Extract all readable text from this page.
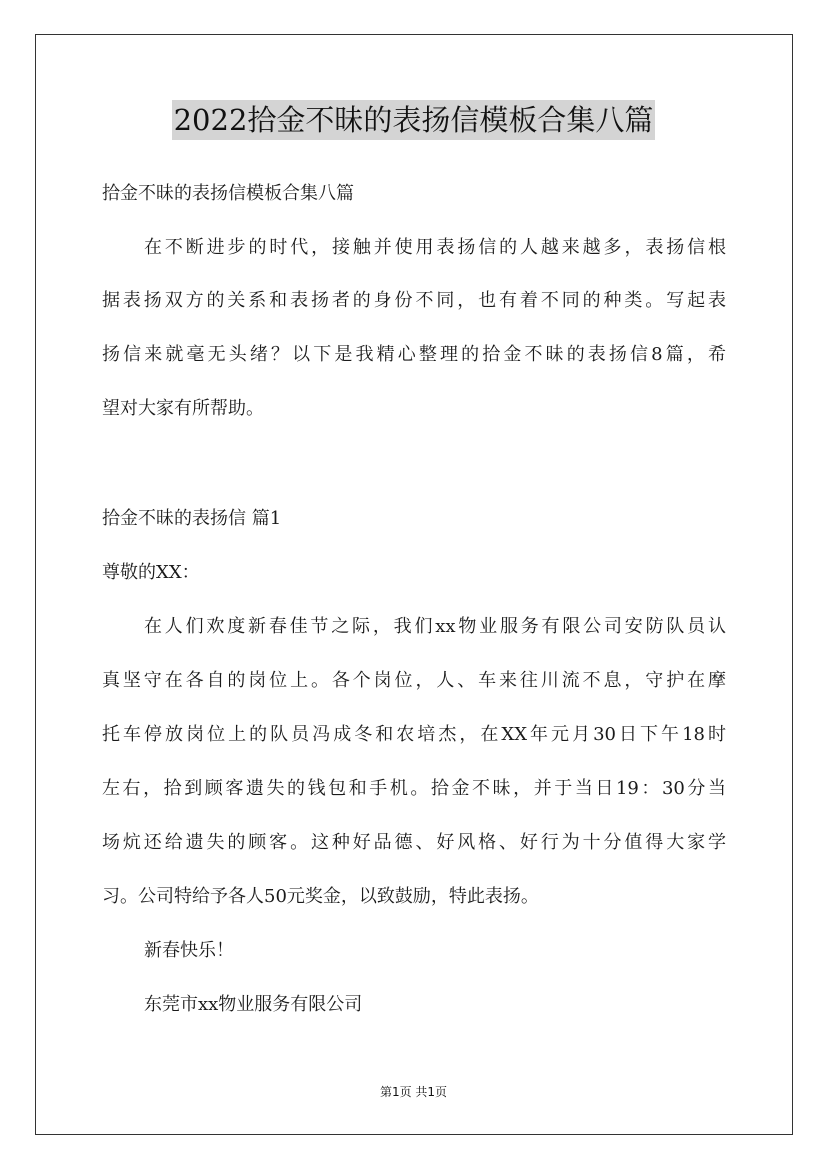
2022拾金不昧的表扬信模板合集八篇
拾金不昧的表扬信模板合集八篇
在不断进步的时代，接触并使用表扬信的人越来越多，表扬信根
据表扬双方的关系和表扬者的身份不同，也有着不同的种类。写起表
扬信来就毫无头绪？以下是我精心整理的拾金不昧的表扬信8篇，希
望对大家有所帮助。
拾金不昧的表扬信 篇1
尊敬的XX：
在人们欢度新春佳节之际，我们xx物业服务有限公司安防队员认
真坚守在各自的岗位上。各个岗位，人、车来往川流不息，守护在摩
托车停放岗位上的队员冯成冬和农培杰，在XX年元月30日下午18时
左右，拾到顾客遗失的钱包和手机。拾金不昧，并于当日19：30分当
场炕还给遗失的顾客。这种好品德、好风格、好行为十分值得大家学
习。公司特给予各人50元奖金，以致鼓励，特此表扬。
新春快乐！
东莞市xx物业服务有限公司
第1页 共1页
